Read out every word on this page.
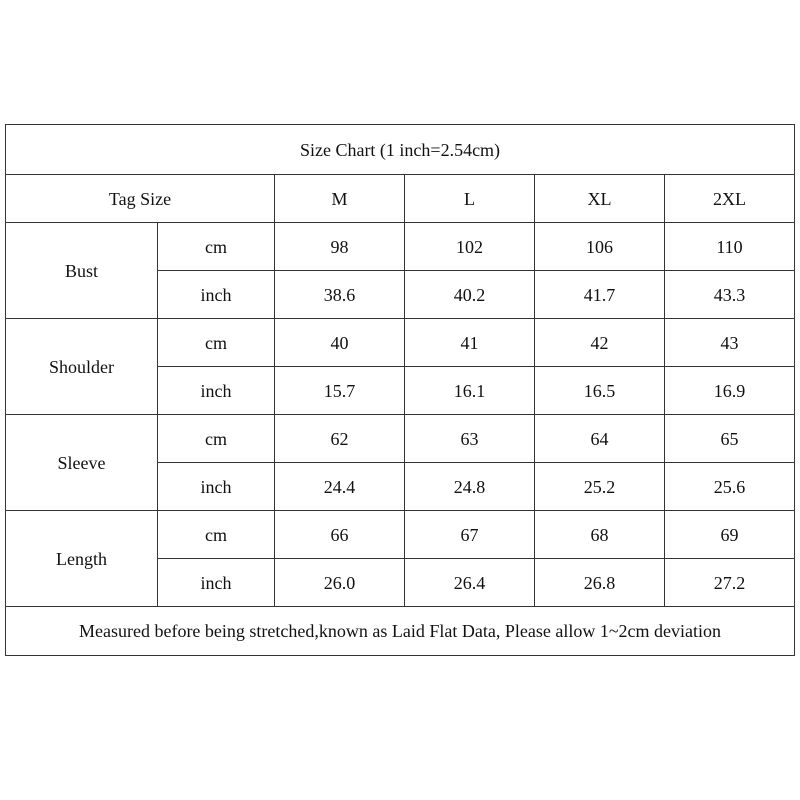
Size Chart (1 inch=2.54cm)					
Tag Size		M	L	XL	2XL
Bust	cm	98	102	106	110
	inch	38.6	40.2	41.7	43.3
Shoulder	cm	40	41	42	43
	inch	15.7	16.1	16.5	16.9
Sleeve	cm	62	63	64	65
	inch	24.4	24.8	25.2	25.6
Length	cm	66	67	68	69
	inch	26.0	26.4	26.8	27.2
Measured before being stretched,known as Laid Flat Data, Please allow 1~2cm deviation					
